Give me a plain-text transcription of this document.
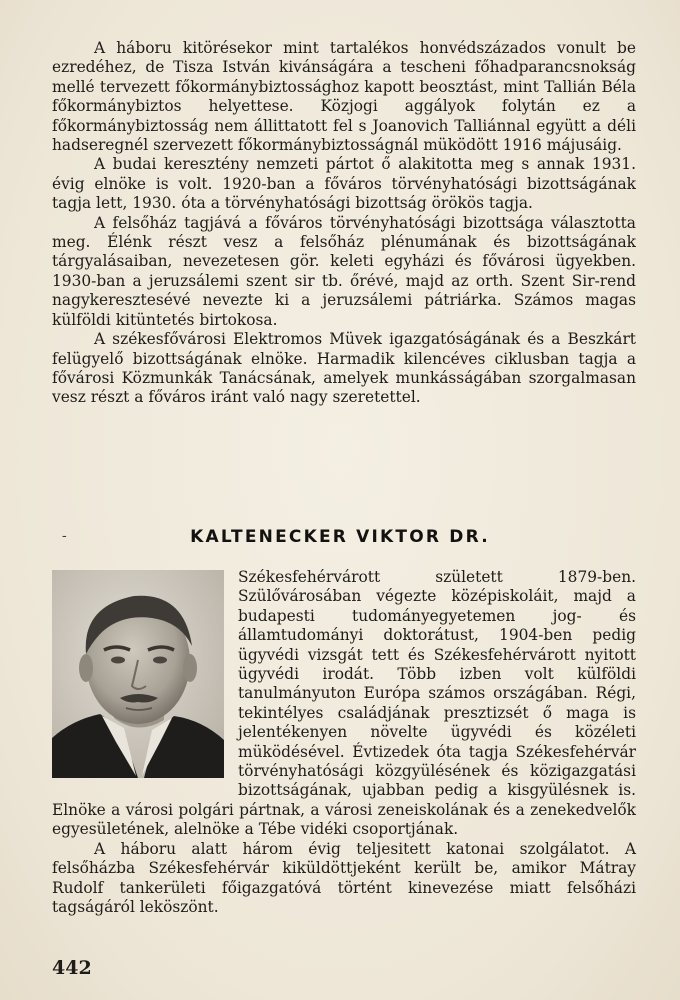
A háboru kitörésekor mint tartalékos honvédszázados vonult be ezredéhez, de Tisza István kivánságára a tescheni főhadparancsnokság mellé tervezett főkormánybiztossághoz kapott beosztást, mint Tallián Béla főkormánybiztos helyettese. Közjogi aggályok folytán ez a főkormánybiztosság nem állittatott fel s Joanovich Talliánnal együtt a déli hadseregnél szervezett főkormánybiztosságnál müködött 1916 májusáig.

A budai keresztény nemzeti pártot ő alakitotta meg s annak 1931. évig elnöke is volt. 1920-ban a főváros törvényhatósági bizottságának tagja lett, 1930. óta a törvényhatósági bizottság örökös tagja.

A felsőház tagjává a főváros törvényhatósági bizottsága választotta meg. Élénk részt vesz a felsőház plénumának és bizottságának tárgyalásaiban, nevezetesen gör. keleti egyházi és fővárosi ügyekben. 1930-ban a jeruzsálemi szent sir tb. őrévé, majd az orth. Szent Sir-rend nagykeresztesévé nevezte ki a jeruzsálemi pátriárka. Számos magas külföldi kitüntetés birtokosa.

A székesfővárosi Elektromos Müvek igazgatóságának és a Beszkárt felügyelő bizottságának elnöke. Harmadik kilencéves ciklusban tagja a fővárosi Közmunkák Tanácsának, amelyek munkásságában szorgalmasan vesz részt a főváros iránt való nagy szeretettel.

-	KALTENECKER VIKTOR DR.

Székesfehérvárott született 1879-ben. Szülővárosában végezte középiskoláit, majd a budapesti tudományegyetemen jog- és államtudományi doktorátust, 1904-ben pedig ügyvédi vizsgát tett és Székesfehérvárott nyitott ügyvédi irodát. Több izben volt külföldi tanulmányuton Európa számos országában. Régi, tekintélyes családjának presztizsét ő maga is jelentékenyen növelte ügyvédi és közéleti müködésével. Évtizedek óta tagja Székesfehérvár törvényhatósági közgyülésének és közigazgatási bizottságának, ujabban pedig a kisgyülésnek is. Elnöke a városi polgári pártnak, a városi zeneiskolának és a zenekedvelők egyesületének, alelnöke a Tébe vidéki csoportjának.

A háboru alatt három évig teljesitett katonai szolgálatot. A felsőházba Székesfehérvár kiküldöttjeként került be, amikor Mátray Rudolf tankerületi főigazgatóvá történt kinevezése miatt felsőházi tagságáról leköszönt.

442
